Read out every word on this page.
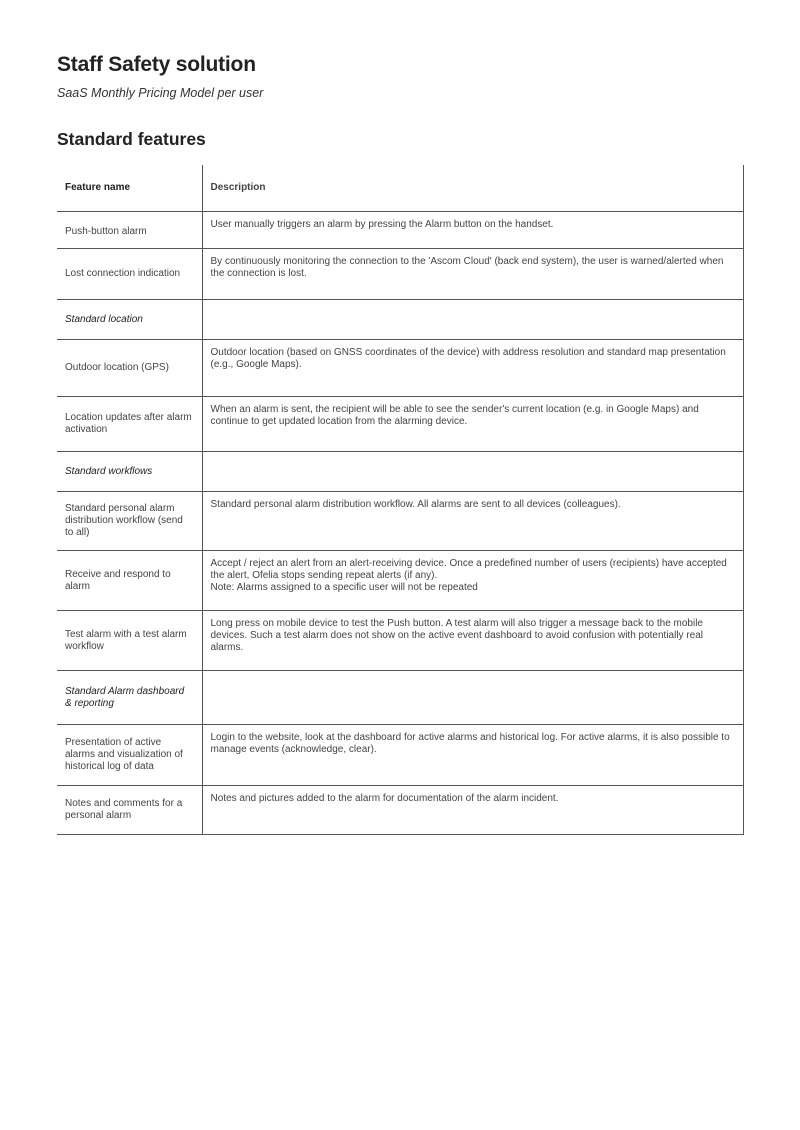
Staff Safety solution

SaaS Monthly Pricing Model per user

Standard features
Feature name	Description

Push-button alarm	User manually triggers an alarm by pressing the Alarm button on the handset.
Lost connection indication	By continuously monitoring the connection to the 'Ascom Cloud' (back end system), the user is warned/alerted when the connection is lost.
Standard location	
Outdoor location (GPS)	Outdoor location (based on GNSS coordinates of the device) with address resolution and standard map presentation (e.g., Google Maps).
Location updates after alarm activation	When an alarm is sent, the recipient will be able to see the sender's current location (e.g. in Google Maps) and continue to get updated location from the alarming device.
Standard workflows	
Standard personal alarm distribution workflow (send to all)	Standard personal alarm distribution workflow. All alarms are sent to all devices (colleagues).
Receive and respond to alarm	Accept / reject an alert from an alert-receiving device. Once a predefined number of users (recipients) have accepted the alert, Ofelia stops sending repeat alerts (if any).
Note: Alarms assigned to a specific user will not be repeated
Test alarm with a test alarm workflow	Long press on mobile device to test the Push button. A test alarm will also trigger a message back to the mobile devices. Such a test alarm does not show on the active event dashboard to avoid confusion with potentially real alarms.
Standard Alarm dashboard & reporting	
Presentation of active alarms and visualization of historical log of data	Login to the website, look at the dashboard for active alarms and historical log. For active alarms, it is also possible to manage events (acknowledge, clear).
Notes and comments for a personal alarm	Notes and pictures added to the alarm for documentation of the alarm incident.
